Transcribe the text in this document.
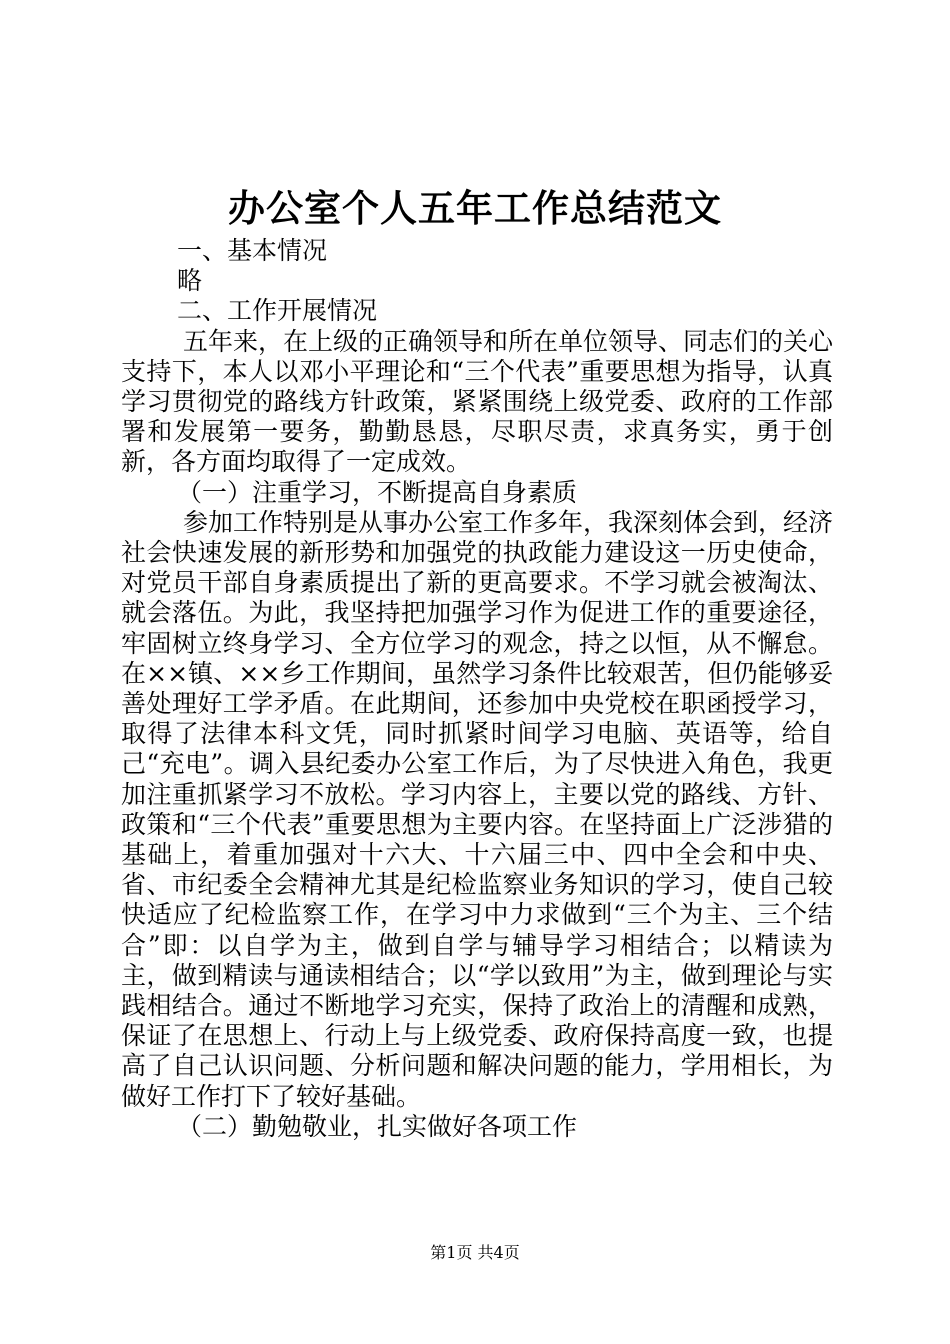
办公室个人五年工作总结范文

一、基本情况

略

二、工作开展情况

五年来，在上级的正确领导和所在单位领导、同志们的关心支持下，本人以邓小平理论和“三个代表”重要思想为指导，认真学习贯彻党的路线方针政策，紧紧围绕上级党委、政府的工作部署和发展第一要务，勤勤恳恳，尽职尽责，求真务实，勇于创新，各方面均取得了一定成效。

（一）注重学习，不断提高自身素质

参加工作特别是从事办公室工作多年，我深刻体会到，经济社会快速发展的新形势和加强党的执政能力建设这一历史使命，对党员干部自身素质提出了新的更高要求。不学习就会被淘汰、就会落伍。为此，我坚持把加强学习作为促进工作的重要途径，牢固树立终身学习、全方位学习的观念，持之以恒，从不懈怠。在××镇、××乡工作期间，虽然学习条件比较艰苦，但仍能够妥善处理好工学矛盾。在此期间，还参加中央党校在职函授学习，取得了法律本科文凭，同时抓紧时间学习电脑、英语等，给自己“充电”。调入县纪委办公室工作后，为了尽快进入角色，我更加注重抓紧学习不放松。学习内容上，主要以党的路线、方针、政策和“三个代表”重要思想为主要内容。在坚持面上广泛涉猎的基础上，着重加强对十六大、十六届三中、四中全会和中央、省、市纪委全会精神尤其是纪检监察业务知识的学习，使自己较快适应了纪检监察工作，在学习中力求做到“三个为主、三个结合”即：以自学为主，做到自学与辅导学习相结合；以精读为主，做到精读与通读相结合；以“学以致用”为主，做到理论与实践相结合。通过不断地学习充实，保持了政治上的清醒和成熟，保证了在思想上、行动上与上级党委、政府保持高度一致，也提高了自己认识问题、分析问题和解决问题的能力，学用相长，为做好工作打下了较好基础。

（二）勤勉敬业，扎实做好各项工作

第1页 共4页
